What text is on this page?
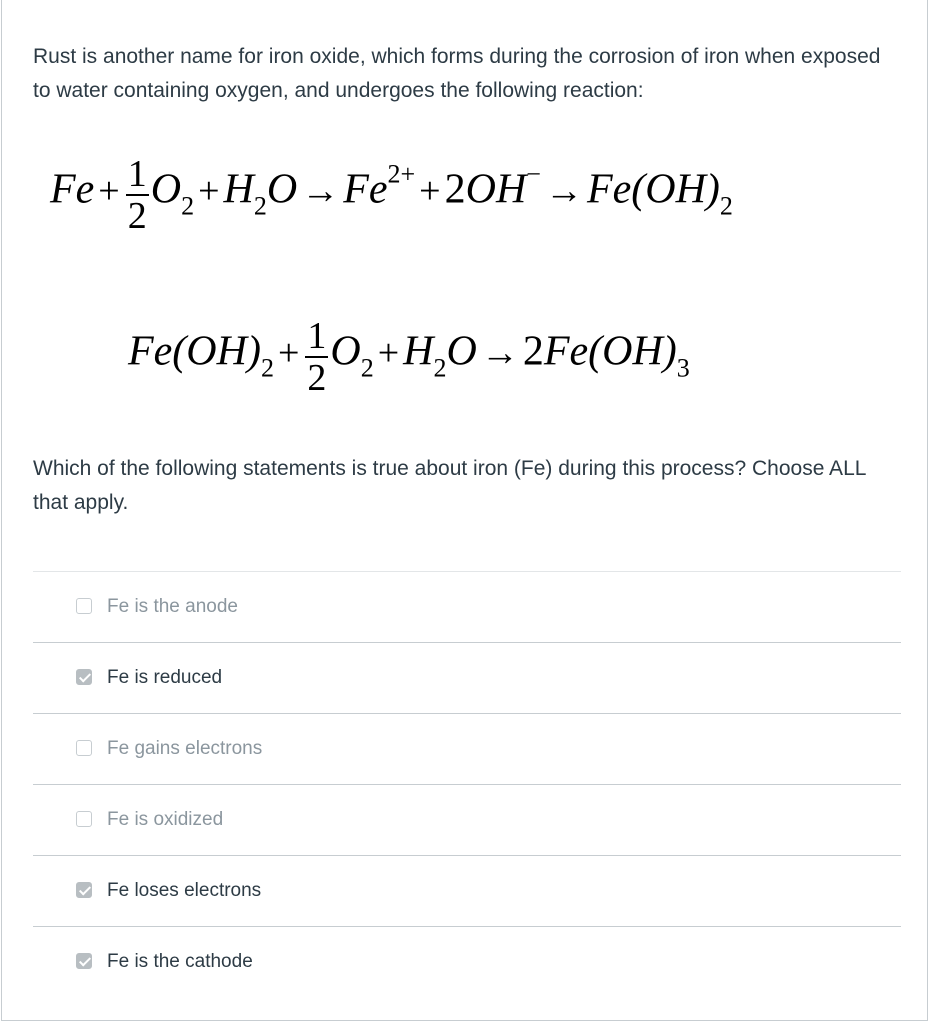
Rust is another name for iron oxide, which forms during the corrosion of iron when exposed to water containing oxygen, and undergoes the following reaction:
$Fe + \frac{1}{2} O2 +H2O \to Fe2+ +2OH- \to Fe(OH)2$
$Fe(OH)2 + \frac{1}{2} O2 +H2O \to 2Fe(OH)3$
Which of the following statements is true about iron (Fe) during this process? Choose ALL that apply.
Fe is the anode
Fe is reduced
Fe gains electrons
Fe is oxidized
Fe loses electrons
Fe is the cathode
